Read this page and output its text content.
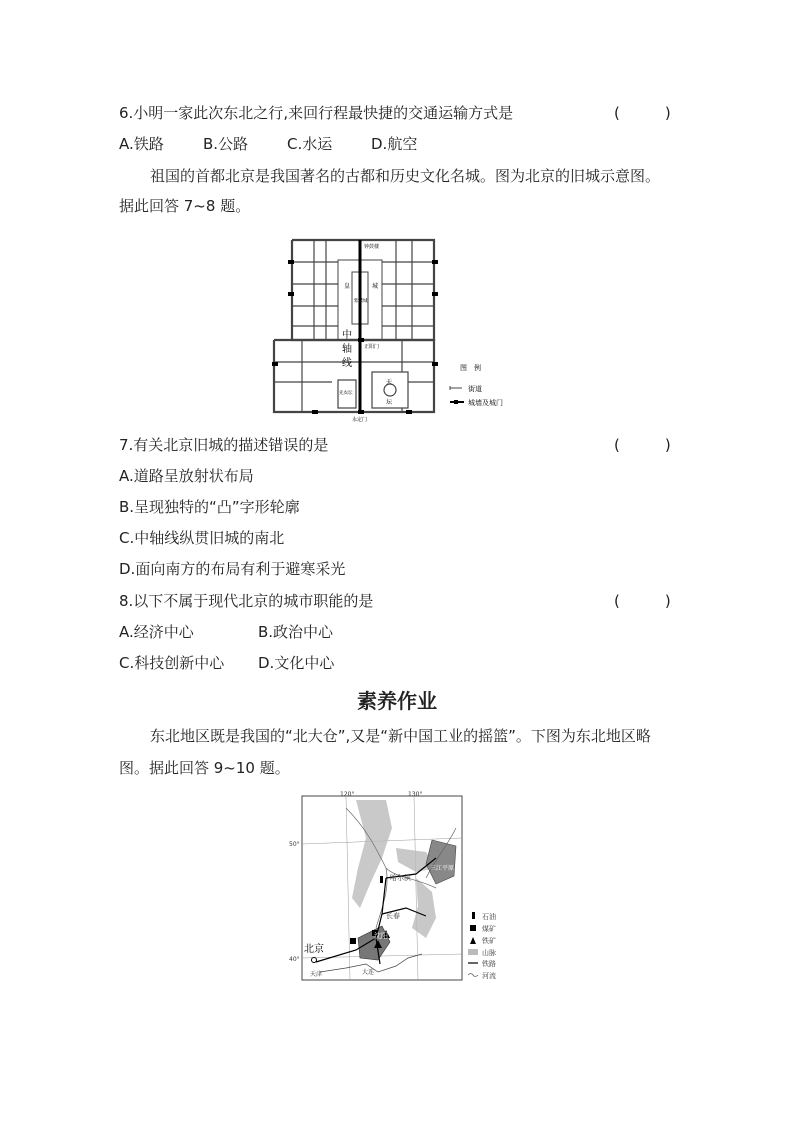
6.小明一家此次东北之行,来回行程最快捷的交通运输方式是	(　　　)
A.铁路	B.公路	C.水运	D.航空
祖国的首都北京是我国著名的古都和历史文化名城。图为北京的旧城示意图。
据此回答 7~8 题。
钟鼓楼
皇	城
紫禁城
正阳门
中
轴
线
先农坛
天
坛
永定门
图　例
街道
城墙及城门
7.有关北京旧城的描述错误的是	(　　　)
A.道路呈放射状布局
B.呈现独特的“凸”字形轮廓
C.中轴线纵贯旧城的南北
D.面向南方的布局有利于避寒采光
8.以下不属于现代北京的城市职能的是	(　　　)
A.经济中心	B.政治中心
C.科技创新中心 D.文化中心
素养作业
东北地区既是我国的“北大仓”,又是“新中国工业的摇篮”。下图为东北地区略
图。据此回答 9~10 题。
120°	130°
50°
40°
北京
天津
哈尔滨
长春
沈阳
大连
三江平原
石油
煤矿
铁矿
山脉
铁路
河流
